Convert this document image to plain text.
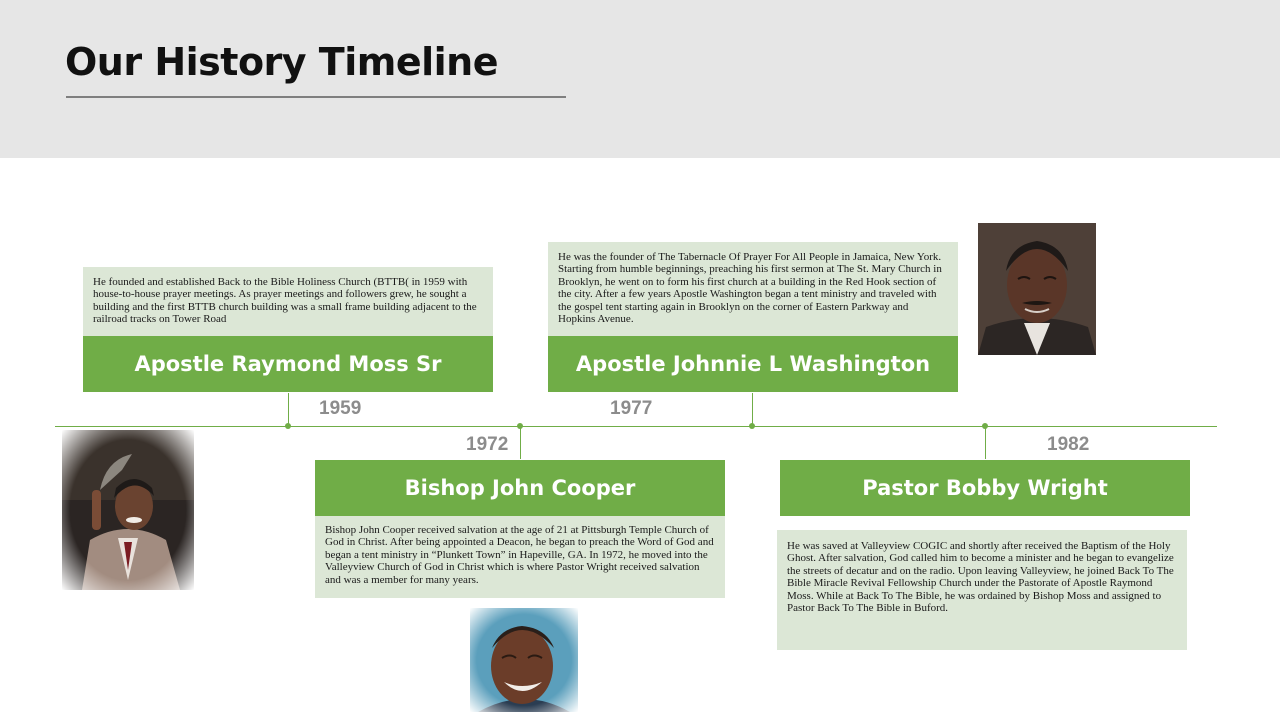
Our History Timeline
1959
1972
1977
1982
He founded and established Back to the Bible Holiness Church (BTTB( in 1959 with house-to-house prayer meetings. As prayer meetings and followers grew, he sought a building and the first BTTB church building was a small frame building adjacent to the railroad tracks on Tower Road
Apostle Raymond Moss Sr
Bishop John Cooper
Bishop John Cooper received salvation at the age of 21 at Pittsburgh Temple Church of God in Christ. After being appointed a Deacon, he began to preach the Word of God and began a tent ministry in “Plunkett Town” in Hapeville, GA. In 1972, he moved into the Valleyview Church of God in Christ which is where Pastor Wright received salvation and was a member for many years.
He was the founder of The Tabernacle Of Prayer For All People in Jamaica, New York. Starting from humble beginnings, preaching his first sermon at The St. Mary Church in Brooklyn, he went on to form his first church at a building in the Red Hook section of the city. After a few years Apostle Washington began a tent ministry and traveled with the gospel tent starting again in Brooklyn on the corner of Eastern Parkway and Hopkins Avenue.
Apostle Johnnie L Washington
Pastor Bobby Wright
He was saved at Valleyview COGIC and shortly after received the Baptism of the Holy Ghost. After salvation, God called him to become a minister and he began to evangelize the streets of decatur and on the radio. Upon leaving Valleyview, he joined Back To The Bible Miracle Revival Fellowship Church under the Pastorate of Apostle Raymond Moss. While at Back To The Bible, he was ordained by Bishop Moss and assigned to Pastor Back To The Bible in Buford.
